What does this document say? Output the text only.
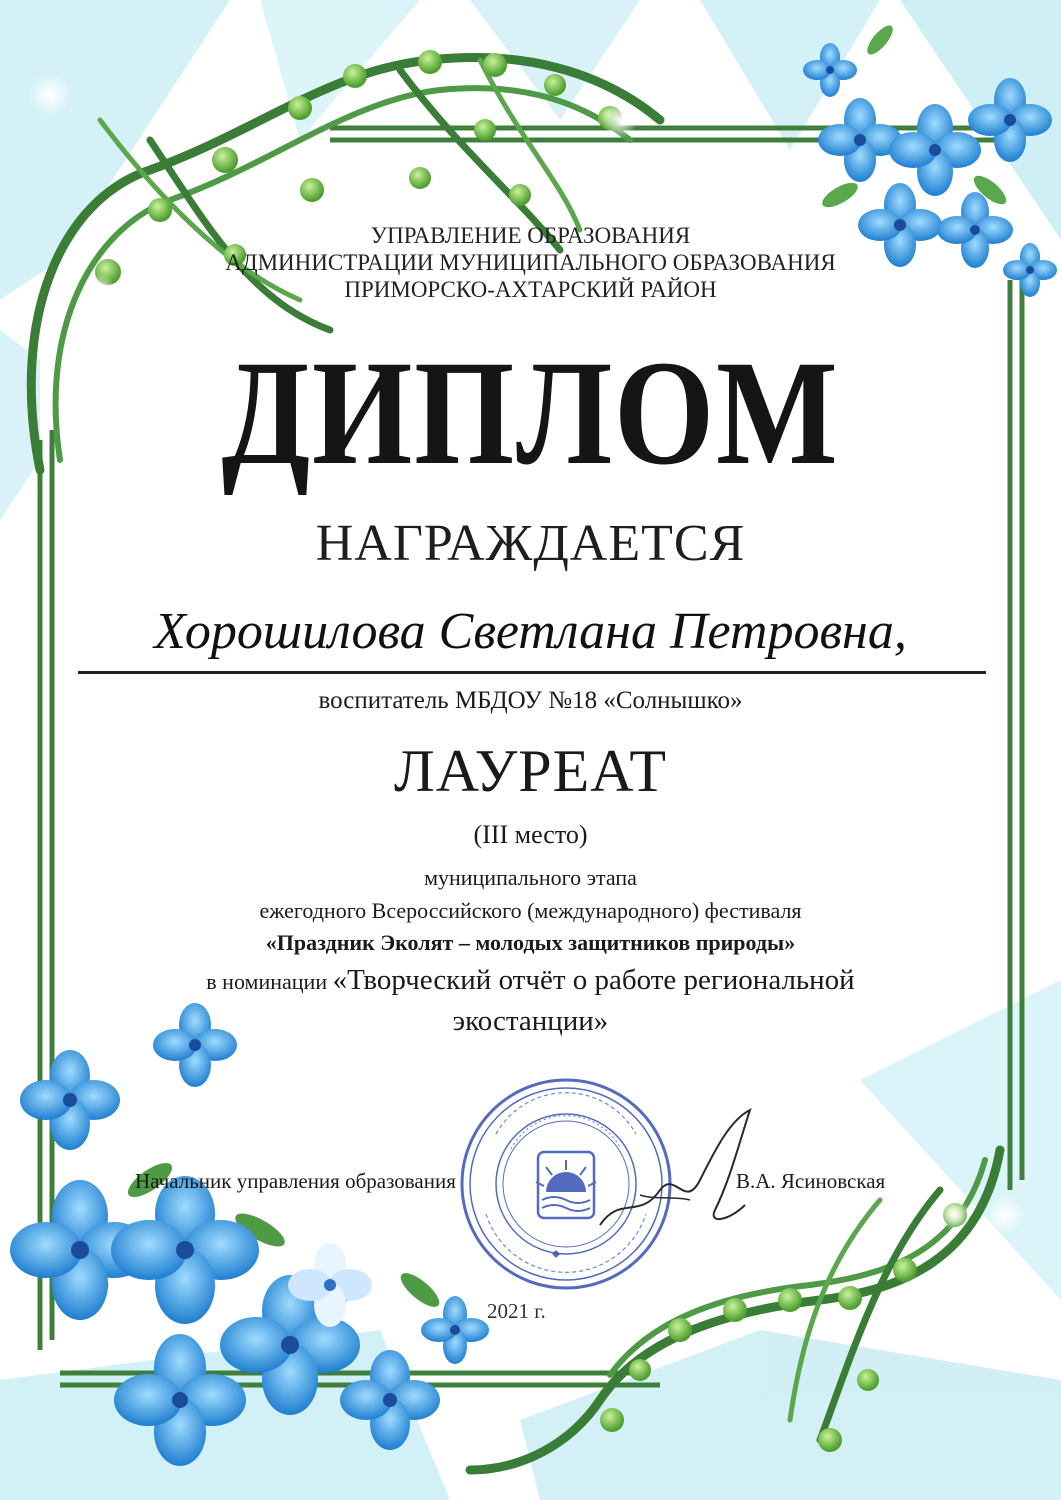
УПРАВЛЕНИЕ ОБРАЗОВАНИЯ
АДМИНИСТРАЦИИ МУНИЦИПАЛЬНОГО ОБРАЗОВАНИЯ
ПРИМОРСКО-АХТАРСКИЙ РАЙОН

ДИПЛОМ
НАГРАЖДАЕТСЯ
Хорошилова Светлана Петровна,
воспитатель МБДОУ №18 «Солнышко»
ЛАУРЕАТ
(III место)
муниципального этапа
ежегодного Всероссийского (международного) фестиваля
«Праздник Эколят – молодых защитников природы»
в номинации «Творческий отчёт о работе региональной
экостанции»
Начальник управления образования	В.А. Ясиновская
2021 г.
